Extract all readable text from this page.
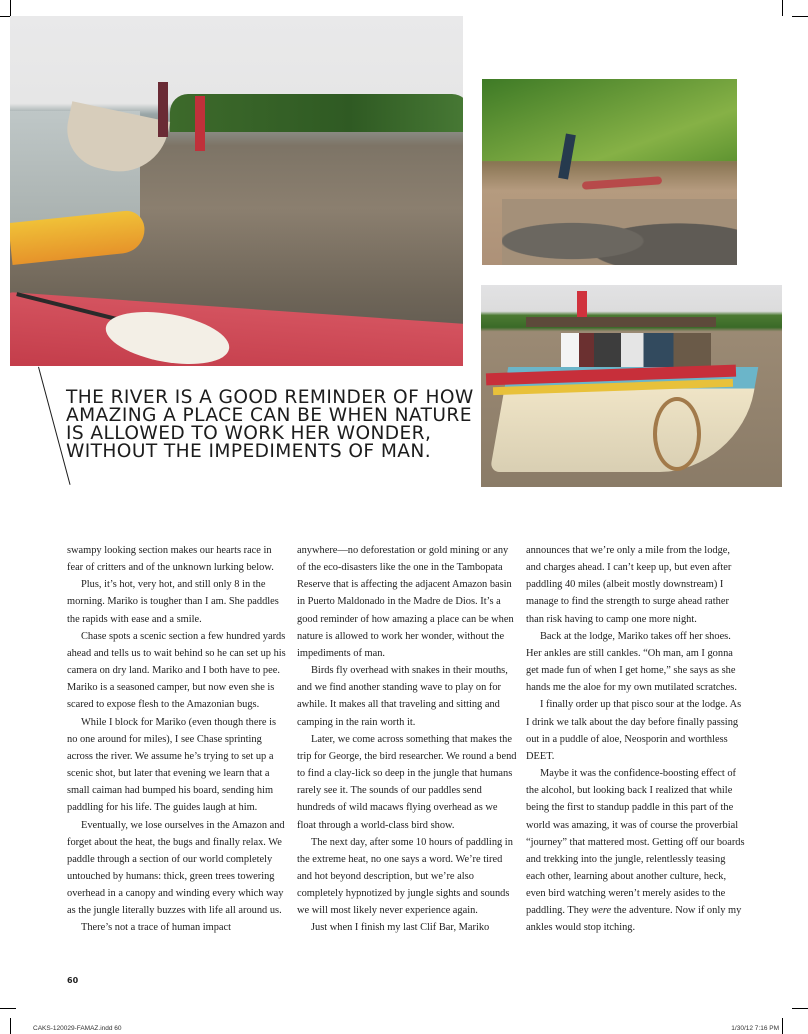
THE RIVER IS A GOOD REMINDER OF HOW AMAZING A PLACE CAN BE WHEN NATURE IS ALLOWED TO WORK HER WONDER, WITHOUT THE IMPEDIMENTS OF MAN.

swampy looking section makes our hearts race in fear of critters and of the unknown lurking below.

Plus, it’s hot, very hot, and still only 8 in the morning. Mariko is tougher than I am. She paddles the rapids with ease and a smile.

Chase spots a scenic section a few hundred yards ahead and tells us to wait behind so he can set up his camera on dry land. Mariko and I both have to pee. Mariko is a seasoned camper, but now even she is scared to expose flesh to the Amazonian bugs.

While I block for Mariko (even though there is no one around for miles), I see Chase sprinting across the river. We assume he’s trying to set up a scenic shot, but later that evening we learn that a small caiman had bumped his board, sending him paddling for his life. The guides laugh at him.

Eventually, we lose ourselves in the Amazon and forget about the heat, the bugs and finally relax. We paddle through a section of our world completely untouched by humans: thick, green trees towering overhead in a canopy and winding every which way as the jungle literally buzzes with life all around us.

There’s not a trace of human impact

anywhere—no deforestation or gold mining or any of the eco-disasters like the one in the Tambopata Reserve that is affecting the adjacent Amazon basin in Puerto Maldonado in the Madre de Dios. It’s a good reminder of how amazing a place can be when nature is allowed to work her wonder, without the impediments of man.

Birds fly overhead with snakes in their mouths, and we find another standing wave to play on for awhile. It makes all that traveling and sitting and camping in the rain worth it.

Later, we come across something that makes the trip for George, the bird researcher. We round a bend to find a clay-lick so deep in the jungle that humans rarely see it. The sounds of our paddles send hundreds of wild macaws flying overhead as we float through a world-class bird show.

The next day, after some 10 hours of paddling in the extreme heat, no one says a word. We’re tired and hot beyond description, but we’re also completely hypnotized by jungle sights and sounds we will most likely never experience again.

Just when I finish my last Clif Bar, Mariko

announces that we’re only a mile from the lodge, and charges ahead. I can’t keep up, but even after paddling 40 miles (albeit mostly downstream) I manage to find the strength to surge ahead rather than risk having to camp one more night.

Back at the lodge, Mariko takes off her shoes. Her ankles are still cankles. “Oh man, am I gonna get made fun of when I get home,” she says as she hands me the aloe for my own mutilated scratches.

I finally order up that pisco sour at the lodge. As I drink we talk about the day before finally passing out in a puddle of aloe, Neosporin and worthless DEET.

Maybe it was the confidence-boosting effect of the alcohol, but looking back I realized that while being the first to standup paddle in this part of the world was amazing, it was of course the proverbial “journey” that mattered most. Getting off our boards and trekking into the jungle, relentlessly teasing each other, learning about another culture, heck, even bird watching weren’t merely asides to the paddling. They were the adventure. Now if only my ankles would stop itching.

60
CAKS-120029-FAMAZ.indd 60	1/30/12 7:16 PM
